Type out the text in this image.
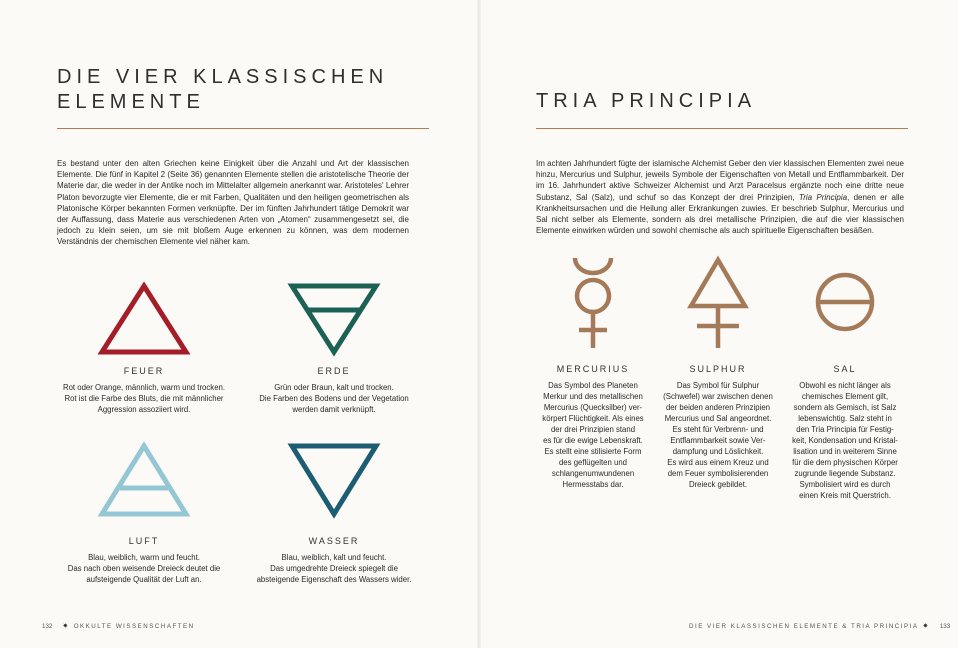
DIE VIER KLASSISCHEN
ELEMENTE
Es bestand unter den alten Griechen keine Einigkeit über die Anzahl und Art der klassischen Elemente. Die fünf in Kapitel 2 (Seite 36) genannten Elemente stellen die aristotelische Theorie der Materie dar, die weder in der Antike noch im Mittelalter allgemein anerkannt war. Aristoteles' Lehrer Platon bevorzugte vier Elemente, die er mit Farben, Qualitäten und den heiligen geometrischen als Platonische Körper bekannten Formen verknüpfte. Der im fünften Jahrhundert tätige Demokrit war der Auffassung, dass Materie aus verschiedenen Arten von „Atomen“ zusammengesetzt sei, die jedoch zu klein seien, um sie mit bloßem Auge erkennen zu können, was dem modernen Verständnis der chemischen Elemente viel näher kam.
FEUER
Rot oder Orange, männlich, warm und trocken.
Rot ist die Farbe des Bluts, die mit männlicher
Aggression assoziiert wird.
ERDE
Grün oder Braun, kalt und trocken.
Die Farben des Bodens und der Vegetation
werden damit verknüpft.
LUFT
Blau, weiblich, warm und feucht.
Das nach oben weisende Dreieck deutet die
aufsteigende Qualität der Luft an.
WASSER
Blau, weiblich, kalt und feucht.
Das umgedrehte Dreieck spiegelt die
absteigende Eigenschaft des Wassers wider.
132 ✷ OKKULTE WISSENSCHAFTEN
TRIA PRINCIPIA
Im achten Jahrhundert fügte der islamische Alchemist Geber den vier klassischen Elementen zwei neue hinzu, Mercurius und Sulphur, jeweils Symbole der Eigenschaften von Metall und Entflammbarkeit. Der im 16. Jahrhundert aktive Schweizer Alchemist und Arzt Paracelsus ergänzte noch eine dritte neue Substanz, Sal (Salz), und schuf so das Konzept der drei Prinzipien, Tria Principia, denen er alle Krankheitsursachen und die Heilung aller Erkrankungen zuwies. Er beschrieb Sulphur, Mercurius und Sal nicht selber als Elemente, sondern als drei metallische Prinzipien, die auf die vier klassischen Elemente einwirken würden und sowohl chemische als auch spirituelle Eigenschaften besäßen.
MERCURIUS
Das Symbol des Planeten
Merkur und des metallischen
Mercurius (Quecksilber) ver-
körpert Flüchtigkeit. Als eines
der drei Prinzipien stand
es für die ewige Lebenskraft.
Es stellt eine stilisierte Form
des geflügelten und
schlangenumwundenen
Hermesstabs dar.
SULPHUR
Das Symbol für Sulphur
(Schwefel) war zwischen denen
der beiden anderen Prinzipien
Mercurius und Sal angeordnet.
Es steht für Verbrenn- und
Entflammbarkeit sowie Ver-
dampfung und Löslichkeit.
Es wird aus einem Kreuz und
dem Feuer symbolisierenden
Dreieck gebildet.
SAL
Obwohl es nicht länger als
chemisches Element gilt,
sondern als Gemisch, ist Salz
lebenswichtig. Salz steht in
den Tria Principia für Festig-
keit, Kondensation und Kristal-
lisation und in weiterem Sinne
für die dem physischen Körper
zugrunde liegende Substanz.
Symbolisiert wird es durch
einen Kreis mit Querstrich.
DIE VIER KLASSISCHEN ELEMENTE & TRIA PRINCIPIA ✷ 133
